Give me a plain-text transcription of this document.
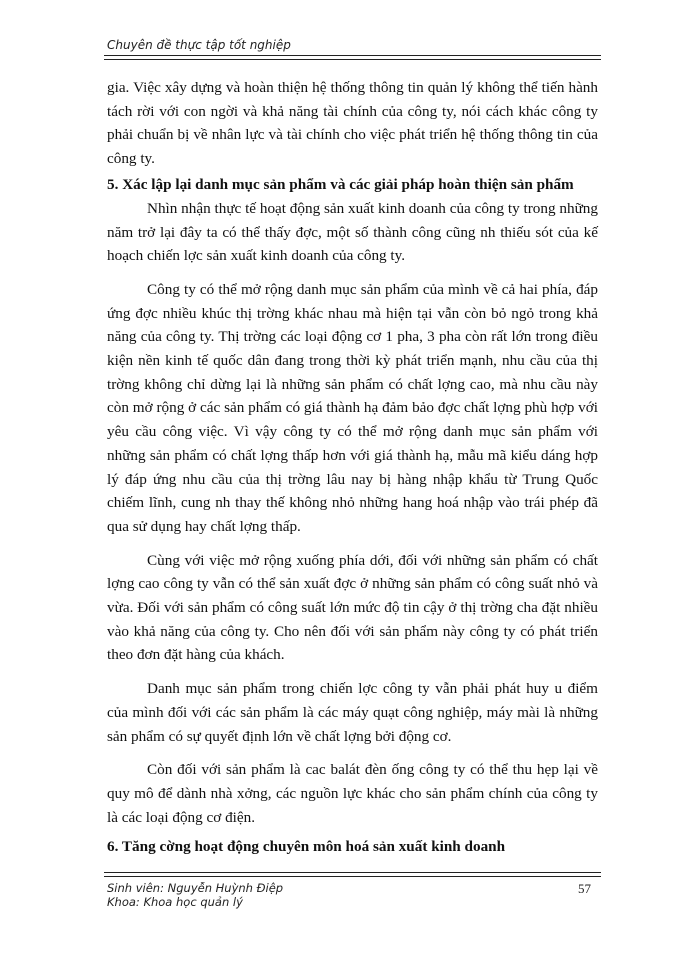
Chuyên đề thực tập tốt nghiệp

gia. Việc xây dựng và hoàn thiện hệ thống thông tin quản lý không thể tiến hành tách rời với con ngời và khả năng tài chính của công ty, nói cách khác công ty phải chuẩn bị về nhân lực và tài chính cho việc phát triển hệ thống thông tin của công ty.

5. Xác lập lại danh mục sản phẩm và các giải pháp hoàn thiện sản phẩm

Nhìn nhận thực tế hoạt động sản xuất kinh doanh của công ty trong những năm trở lại đây ta có thể thấy đợc, một số thành công cũng nh thiếu sót của kế hoạch chiến lợc sản xuất kinh doanh của công ty.

Công ty có thể mở rộng danh mục sản phẩm của mình về cả hai phía, đáp ứng đợc nhiều khúc thị trờng khác nhau mà hiện tại vẫn còn bỏ ngỏ trong khả năng của công ty. Thị trờng các loại động cơ 1 pha, 3 pha còn rất lớn trong điều kiện nền kinh tế quốc dân đang trong thời kỳ phát triển mạnh, nhu cầu của thị trờng không chỉ dừng lại là những sản phẩm có chất lợng cao, mà nhu cầu này còn mở rộng ở các sản phẩm có giá thành hạ đảm bảo đợc chất lợng phù hợp với yêu cầu công việc. Vì vậy công ty có thể mở rộng danh mục sản phẩm với những sản phẩm có chất lợng thấp hơn với giá thành hạ, mẫu mã kiểu dáng hợp lý đáp ứng nhu cầu của thị trờng lâu nay bị hàng nhập khẩu từ Trung Quốc chiếm lĩnh, cung nh thay thế không nhỏ những hang hoá nhập vào trái phép đã qua sử dụng hay chất lợng thấp.

Cùng với việc mở rộng xuống phía dới, đối với những sản phẩm có chất lợng cao công ty vẫn có thể sản xuất đợc ở những sản phẩm có công suất nhỏ và vừa. Đối với sản phẩm có công suất lớn mức độ tin cậy ở thị trờng cha đặt nhiều vào khả năng của công ty. Cho nên đối với sản phẩm này công ty có phát triển theo đơn đặt hàng của khách.

Danh mục sản phẩm trong chiến lợc công ty vẫn phải phát huy u điểm của mình đối với các sản phẩm là các máy quạt công nghiệp, máy mài là những sản phẩm có sự quyết định lớn về chất lợng bởi động cơ.

Còn đối với sản phẩm là cac balát đèn ống công ty có thể thu hẹp lại về quy mô để dành nhà xởng, các nguồn lực khác cho sản phẩm chính của công ty là các loại động cơ điện.

6. Tăng cờng hoạt động chuyên môn hoá sản xuất kinh doanh
Sinh viên: Nguyễn Huỳnh Điệp
Khoa: Khoa học quản lý
57
